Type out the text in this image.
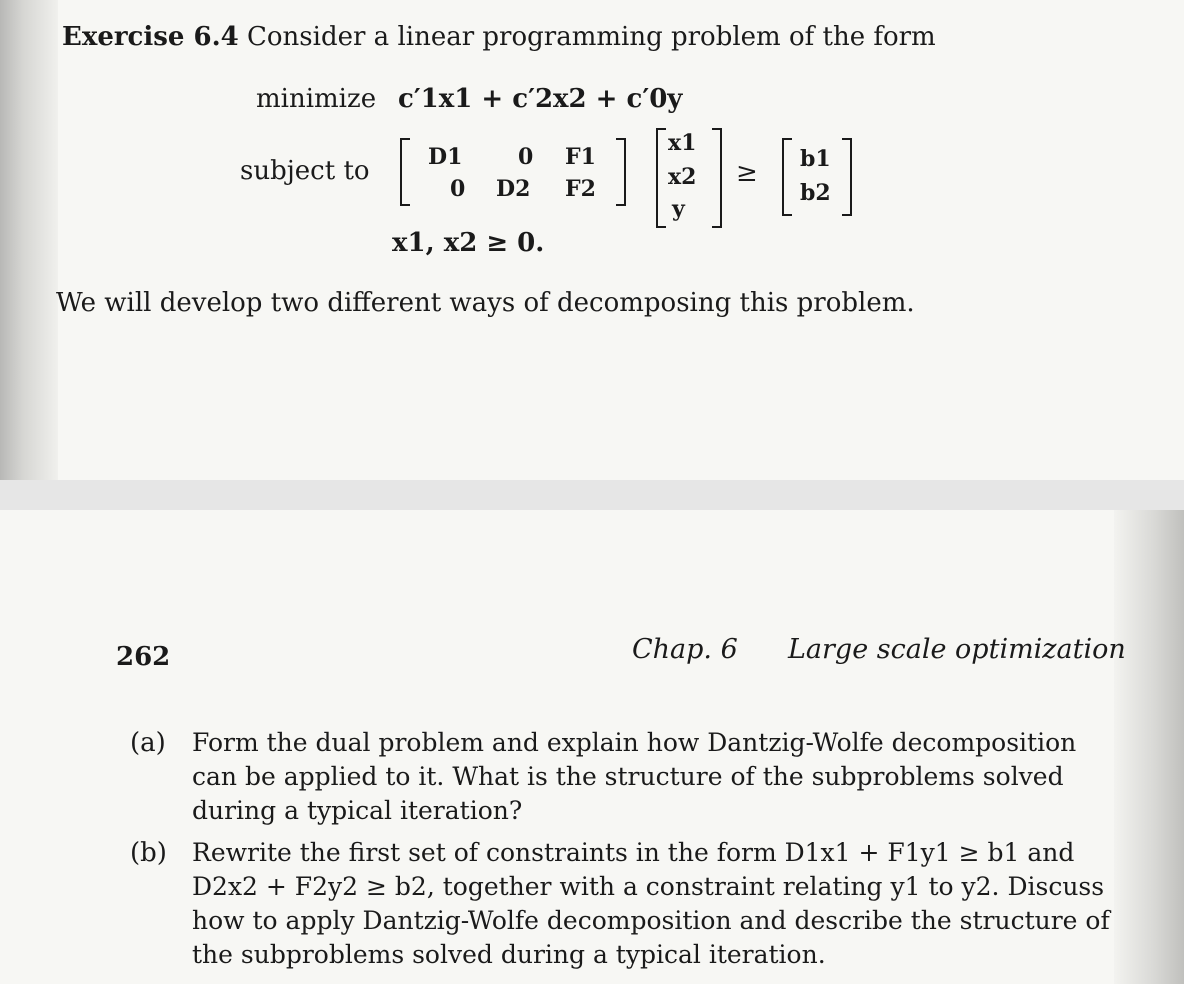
Exercise 6.4 Consider a linear programming problem of the form
minimize c′1x1 + c′2x2 + c′0y
subject to	D1	0 F1
0 D2 F2
x1
x2
y
≥ b1
b2
x1, x2 ≥ 0.
We will develop two different ways of decomposing this problem.
262	Chap. 6 Large scale optimization
(a) Form the dual problem and explain how Dantzig-Wolfe decomposition can be applied to it. What is the structure of the subproblems solved during a typical iteration?
(b) Rewrite the first set of constraints in the form D1x1 + F1y1 ≥ b1 and D2x2 + F2y2 ≥ b2, together with a constraint relating y1 to y2. Discuss how to apply Dantzig-Wolfe decomposition and describe the structure of the subproblems solved during a typical iteration.
